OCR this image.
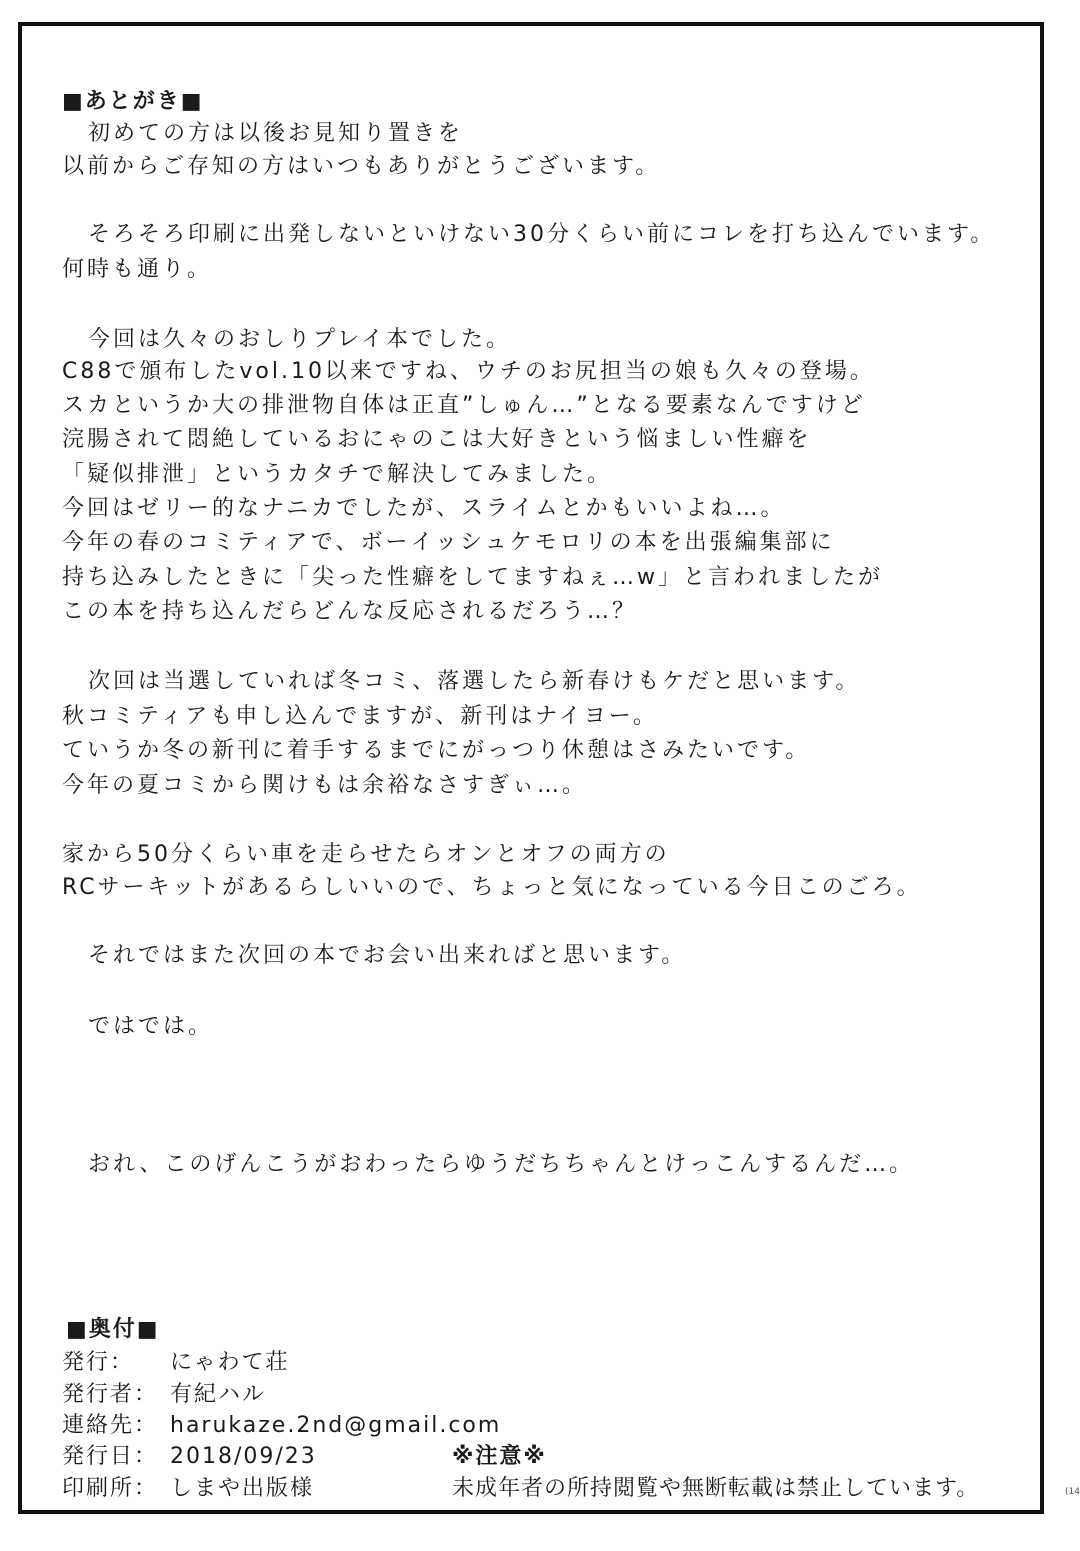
■あとがき■
初めての方は以後お見知り置きを
以前からご存知の方はいつもありがとうございます。
そろそろ印刷に出発しないといけない30分くらい前にコレを打ち込んでいます。
何時も通り。
今回は久々のおしりプレイ本でした。
C88で頒布したvol.10以来ですね、ウチのお尻担当の娘も久々の登場。
スカというか大の排泄物自体は正直”しゅん…”となる要素なんですけど
浣腸されて悶絶しているおにゃのこは大好きという悩ましい性癖を
「疑似排泄」というカタチで解決してみました。
今回はゼリー的なナニカでしたが、スライムとかもいいよね…。
今年の春のコミティアで、ボーイッシュケモロリの本を出張編集部に
持ち込みしたときに「尖った性癖をしてますねぇ…w」と言われましたが
この本を持ち込んだらどんな反応されるだろう…？
次回は当選していれば冬コミ、落選したら新春けもケだと思います。
秋コミティアも申し込んでますが、新刊はナイヨー。
ていうか冬の新刊に着手するまでにがっつり休憩はさみたいです。
今年の夏コミから関けもは余裕なさすぎぃ…。
家から50分くらい車を走らせたらオンとオフの両方の
RCサーキットがあるらしいいので、ちょっと気になっている今日このごろ。
それではまた次回の本でお会い出来ればと思います。
ではでは。
おれ、このげんこうがおわったらゆうだちちゃんとけっこんするんだ…。
■奥付■
発行： にゃわて荘
発行者： 有紀ハル
連絡先： harukaze.2nd@gmail.com
発行日： 2018/09/23
印刷所： しまや出版様
※注意※
未成年者の所持閲覧や無断転載は禁止しています。	(14
